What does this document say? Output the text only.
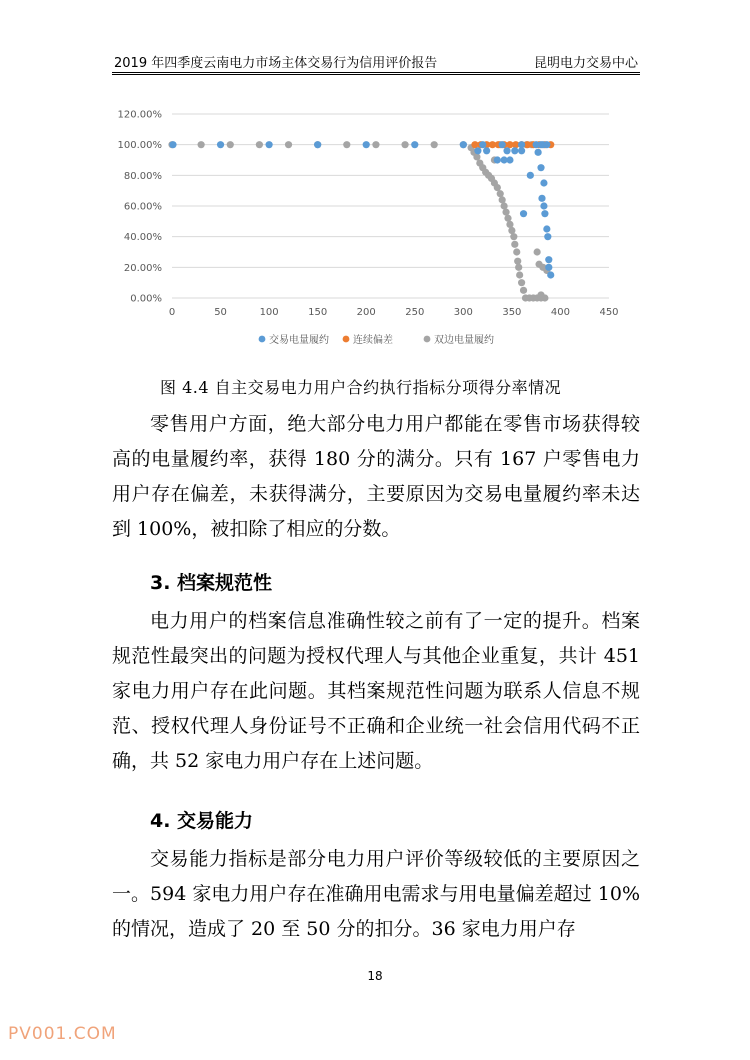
2019 年四季度云南电力市场主体交易行为信用评价报告	昆明电力交易中心
0.00%
20.00%
40.00%
60.00%
80.00%
100.00%
120.00%
0	50	100	150	200	250	300	350	400	450
交易电量履约 连续偏差	双边电量履约
图 4.4 自主交易电力用户合约执行指标分项得分率情况

零售用户方面，绝大部分电力用户都能在零售市场获得较高的电量履约率，获得 180 分的满分。只有 167 户零售电力用户存在偏差，未获得满分，主要原因为交易电量履约率未达到 100%，被扣除了相应的分数。

3. 档案规范性

电力用户的档案信息准确性较之前有了一定的提升。档案规范性最突出的问题为授权代理人与其他企业重复，共计 451 家电力用户存在此问题。其档案规范性问题为联系人信息不规范、授权代理人身份证号不正确和企业统一社会信用代码不正确，共 52 家电力用户存在上述问题。

4. 交易能力

交易能力指标是部分电力用户评价等级较低的主要原因之一。594 家电力用户存在准确用电需求与用电量偏差超过 10%的情况，造成了 20 至 50 分的扣分。36 家电力用户存

18
PV001.COM
